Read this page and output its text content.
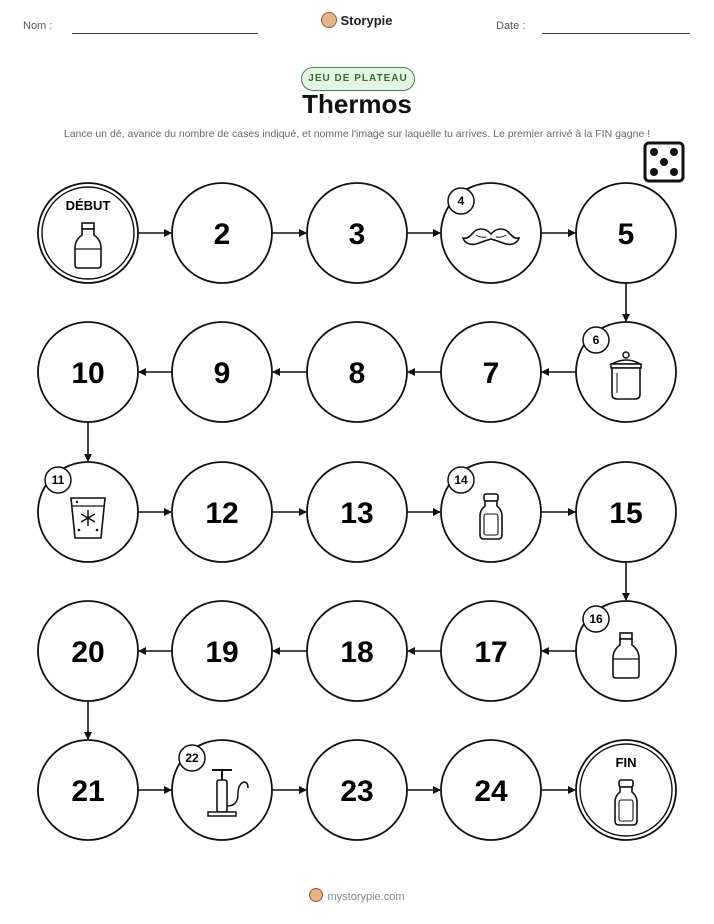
Nom :	Storypie	Date :
JEU DE PLATEAU
Thermos
Lance un dé, avance du nombre de cases indiqué, et nomme l'image sur laquelle tu arrives. Le premier arrivé à la FIN gagne !
DÉBUT
2	3
4
5
6
7
8
9
10
11
12	13
14
15
16
17
18
19
20
21
22
23	24
FIN
mystorypie.com
